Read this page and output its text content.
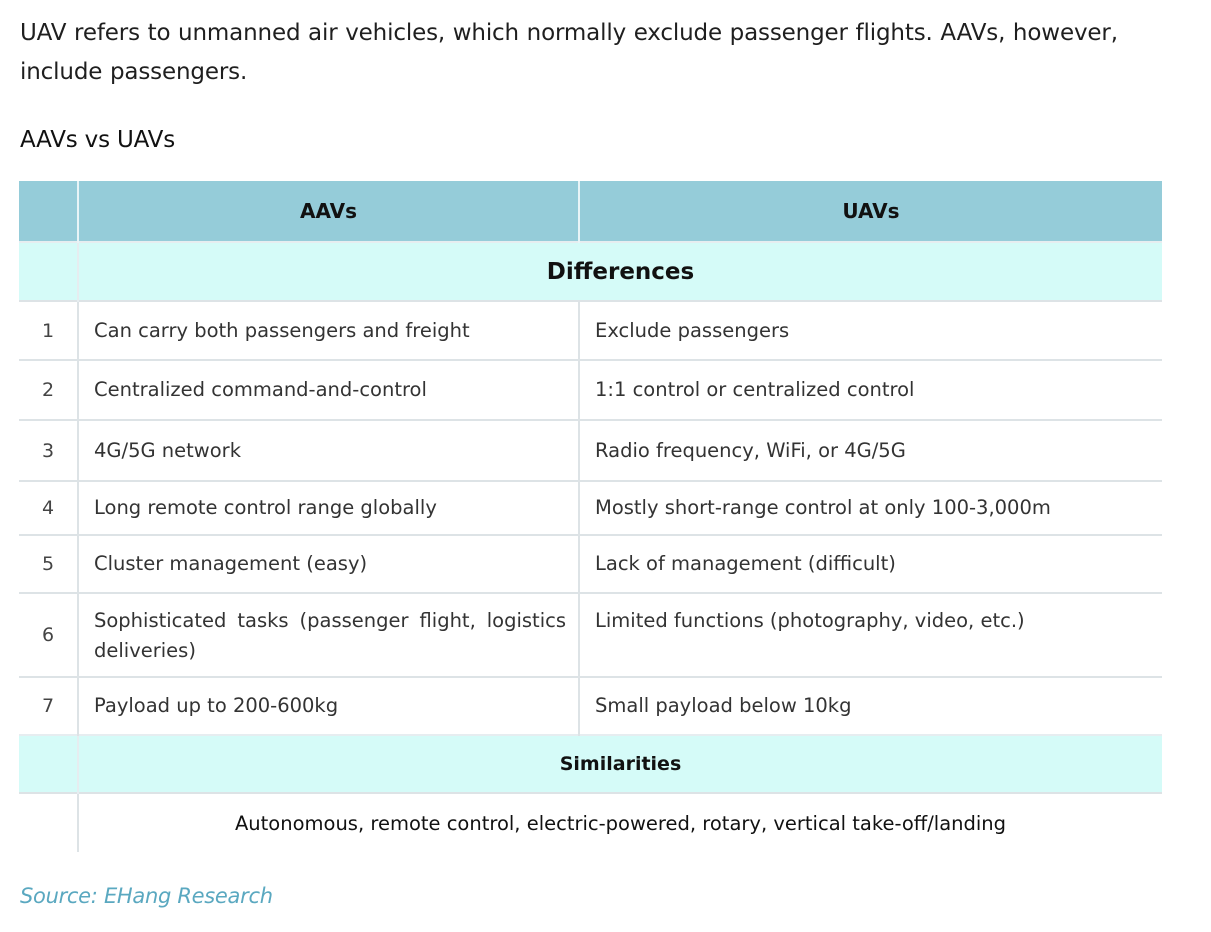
UAV refers to unmanned air vehicles, which normally exclude passenger flights. AAVs, however, include passengers.

AAVs vs UAVs
	AAVs	UAVs
	Differences	
1	Can carry both passengers and freight	Exclude passengers
2	Centralized command-and-control	1:1 control or centralized control
3	4G/5G network	Radio frequency, WiFi, or 4G/5G
4	Long remote control range globally	Mostly short-range control at only 100-3,000m
5	Cluster management (easy)	Lack of management (difficult)
6	Sophisticated tasks (passenger flight, logistics deliveries)	Limited functions (photography, video, etc.)
7	Payload up to 200-600kg	Small payload below 10kg
	Similarities	
	Autonomous, remote control, electric-powered, rotary, vertical take-off/landing	

Source: EHang Research
